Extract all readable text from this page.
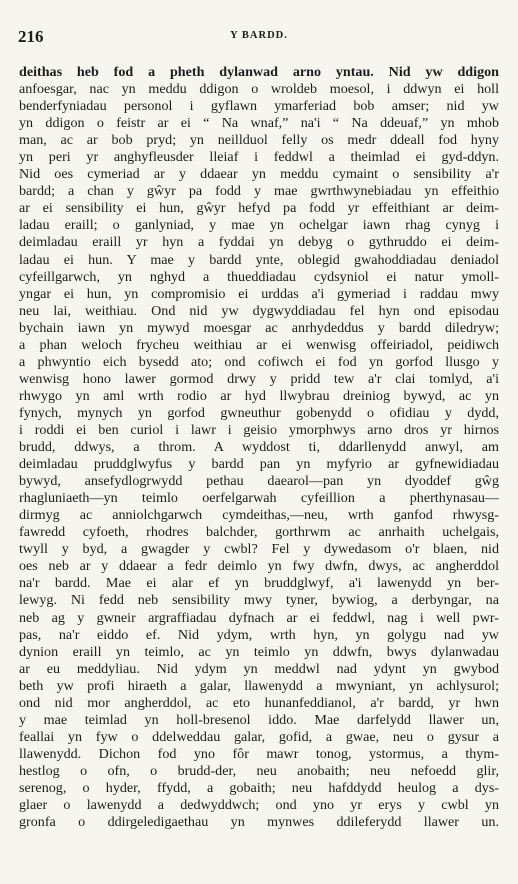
216	Y BARDD.
deithas heb fod a pheth dylanwad arno yntau. Nid yw ddigon
anfoesgar, nac yn meddu ddigon o wroldeb moesol, i ddwyn ei holl
benderfyniadau personol i gyflawn ymarferiad bob amser; nid yw
yn ddigon o feistr ar ei “ Na wnaf,” na'i “ Na ddeuaf,” yn mhob
man, ac ar bob pryd; yn neillduol felly os medr ddeall fod hyny
yn peri yr anghyfleusder lleiaf i feddwl a theimlad ei gyd-ddyn.
Nid oes cymeriad ar y ddaear yn meddu cymaint o sensibility a'r
bardd; a chan y gŵyr pa fodd y mae gwrthwynebiadau yn effeithio
ar ei sensibility ei hun, gŵyr hefyd pa fodd yr effeithiant ar deim-
ladau eraill; o ganlyniad, y mae yn ochelgar iawn rhag cynyg i
deimladau eraill yr hyn a fyddai yn debyg o gythruddo ei deim-
ladau ei hun. Y mae y bardd ynte, oblegid gwahoddiadau deniadol
cyfeillgarwch, yn nghyd a thueddiadau cydsyniol ei natur ymoll-
yngar ei hun, yn compromisio ei urddas a'i gymeriad i raddau mwy
neu lai, weithiau. Ond nid yw dygwyddiadau fel hyn ond episodau
bychain iawn yn mywyd moesgar ac anrhydeddus y bardd diledryw;
a phan weloch frycheu weithiau ar ei wenwisg offeiriadol, peidiwch
a phwyntio eich bysedd ato; ond cofiwch ei fod yn gorfod llusgo y
wenwisg hono lawer gormod drwy y pridd tew a'r clai tomlyd, a'i
rhwygo yn aml wrth rodio ar hyd llwybrau dreiniog bywyd, ac yn
fynych, mynych yn gorfod gwneuthur gobenydd o ofidiau y dydd,
i roddi ei ben curiol i lawr i geisio ymorphwys arno dros yr hirnos
brudd, ddwys, a throm. A wyddost ti, ddarllenydd anwyl, am
deimladau pruddglwyfus y bardd pan yn myfyrio ar gyfnewidiadau
bywyd, ansefydlogrwydd pethau daearol—pan yn dyoddef gŵg
rhagluniaeth—yn teimlo oerfelgarwah cyfeillion a pherthynasau—
dirmyg ac anniolchgarwch cymdeithas,—neu, wrth ganfod rhwysg-
fawredd cyfoeth, rhodres balchder, gorthrwm ac anrhaith uchelgais,
twyll y byd, a gwagder y cwbl? Fel y dywedasom o'r blaen, nid
oes neb ar y ddaear a fedr deimlo yn fwy dwfn, dwys, ac angherddol
na'r bardd. Mae ei alar ef yn bruddglwyf, a'i lawenydd yn ber-
lewyg. Ni fedd neb sensibility mwy tyner, bywiog, a derbyngar, na
neb ag y gwneir argraffiadau dyfnach ar ei feddwl, nag i well pwr-
pas, na'r eiddo ef. Nid ydym, wrth hyn, yn golygu nad yw
dynion eraill yn teimlo, ac yn teimlo yn ddwfn, bwys dylanwadau
ar eu meddyliau. Nid ydym yn meddwl nad ydynt yn gwybod
beth yw profi hiraeth a galar, llawenydd a mwyniant, yn achlysurol;
ond nid mor angherddol, ac eto hunanfeddianol, a'r bardd, yr hwn
y mae teimlad yn holl-bresenol iddo. Mae darfelydd llawer un,
feallai yn fyw o ddelweddau galar, gofid, a gwae, neu o gysur a
llawenydd. Dichon fod yno fôr mawr tonog, ystormus, a thym-
hestlog o ofn, o brudd-der, neu anobaith; neu nefoedd glir,
serenog, o hyder, ffydd, a gobaith; neu hafddydd heulog a dys-
glaer o lawenydd a dedwyddwch; ond yno yr erys y cwbl yn
gronfa o ddirgeledigaethau yn mynwes ddileferydd llawer un.
